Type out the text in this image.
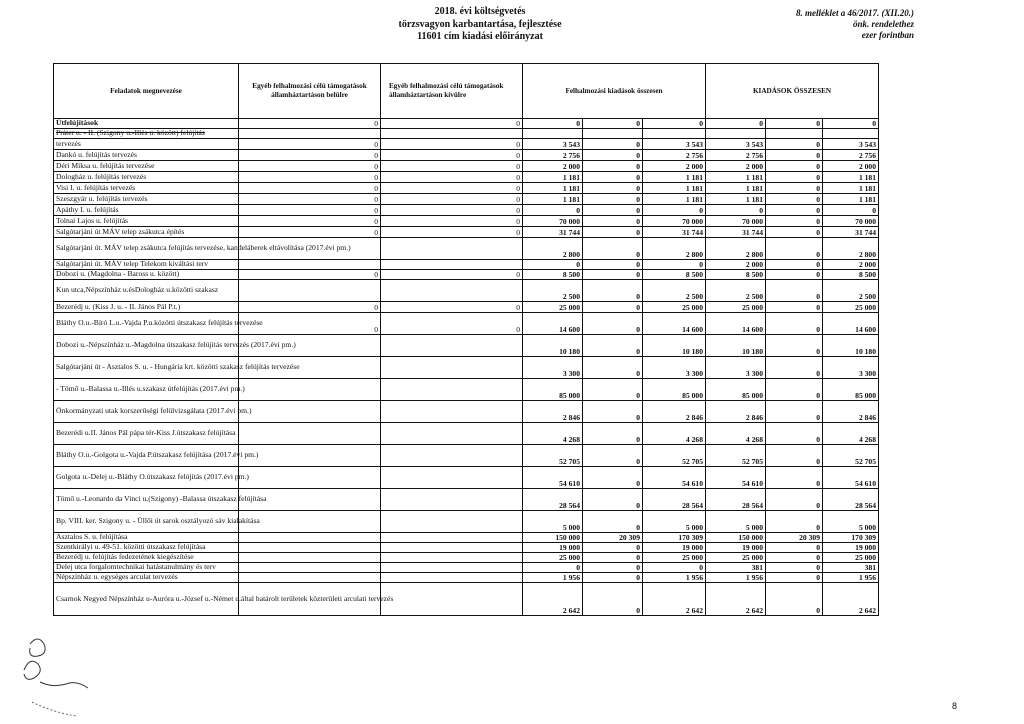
2018. évi költségvetés
törzsvagyon karbantartása, fejlesztése
11601 cím kiadási előirányzat
8. melléklet a 46/2017. (XII.20.)
önk. rendelethez
ezer forintban
Feladatok megnevezése	Egyéb felhalmozási célú támogatások államháztartáson belülre	Egyéb felhalmozási célú támogatások államháztartáson kívülre	Felhalmozási kiadások összesen			KIADÁSOK ÖSSZESEN		
Útfelújítások	0	0	0	0	0	0	0	0
Práter u. - II. (Szigony u.-Illés u. között) felújítás								
tervezés	0	0	3 543	0	3 543	3 543	0	3 543
Dankó u. felújítás tervezés	0	0	2 756	0	2 756	2 756	0	2 756
Déri Miksa u. felújítás tervezése	0	0	2 000	0	2 000	2 000	0	2 000
Dologház u. felújítás tervezés	0	0	1 181	0	1 181	1 181	0	1 181
Visi I. u. felújítás tervezés	0	0	1 181	0	1 181	1 181	0	1 181
Szeszgyár u. felújítás tervezés	0	0	1 181	0	1 181	1 181	0	1 181
Apáthy I. u. felújítás	0	0	0	0	0	0	0	0
Tolnai Lajos u. felújítás	0	0	70 000	0	70 000	70 000	0	70 000
Salgótarjáni út MÁV telep zsákutca építés	0	0	31 744	0	31 744	31 744	0	31 744
Salgótarjáni út. MÁV telep zsákutca felújítás tervezése, kandeláberek eltávolítása (2017.évi pm.)			2 800	0	2 800	2 800	0	2 800
Salgótarjáni út. MÁV telep Telekom kiváltási terv			0	0	0	2 000	0	2 000
Dobozi u. (Magdolna - Baross u. között)	0	0	8 500	0	8 500	8 500	0	8 500
Kun utca,Népszínház u.ésDologház u.közötti szakasz			2 500	0	2 500	2 500	0	2 500
Bezerédj u. (Kiss J. u. - II. János Pál P.t.)	0	0	25 000	0	25 000	25 000	0	25 000
Bláthy O.u.-Bíró L.u.-Vajda P.u.közötti útszakasz felújítás tervezése	0	0	14 600	0	14 600	14 600	0	14 600
Dobozi u.-Népszínház u.-Magdolna útszakasz felújítás tervezés (2017.évi pm.)			10 180	0	10 180	10 180	0	10 180
Salgótarjáni út - Asztalos S. u. - Hungária krt. közötti szakasz felújítás tervezése			3 300	0	3 300	3 300	0	3 300
- Tömő u.-Balassa u.-Illés u.szakasz útfelújítás (2017.évi pm.)			85 000	0	85 000	85 000	0	85 000
Önkormányzati utak korszerűségi felülvizsgálata (2017.évi pm.)			2 846	0	2 846	2 846	0	2 846
Bezerédi u.II. János Pál pápa tér-Kiss J.útszakasz felújítása			4 268	0	4 268	4 268	0	4 268
Bláthy O.u.-Golgota u.-Vajda P.útszakasz felújítása (2017.évi pm.)			52 705	0	52 705	52 705	0	52 705
Golgota u.-Delej u.-Bláthy O.útszakasz felújítás (2017.évi pm.)			54 610	0	54 610	54 610	0	54 610
Tömő u.-Leonardo da Vinci u.(Szigony) -Balassa útszakasz felújítása			28 564	0	28 564	28 564	0	28 564
Bp. VIII. ker. Szigony u. - Üllői út sarok osztályozó sáv kialakítása			5 000	0	5 000	5 000	0	5 000
Asztalos S. u. felújítása			150 000	20 309	170 309	150 000	20 309	170 309
Szentkirályi u. 49-51. közötti útszakasz felújítása			19 000	0	19 000	19 000	0	19 000
Bezerédj u. felújítás fedezetének kiegészítése			25 000	0	25 000	25 000	0	25 000
Delej utca forgalomtechnikai hatástanulmány és terv			0	0	0	381	0	381
Népszínház u. egységes arculat tervezés			1 956	0	1 956	1 956	0	1 956
Csarnok Negyed Népszínház u-Auróra u.-József u.-Német u.által határolt területek közterületi arculati tervezés			2 642	0	2 642	2 642	0	2 642
8
